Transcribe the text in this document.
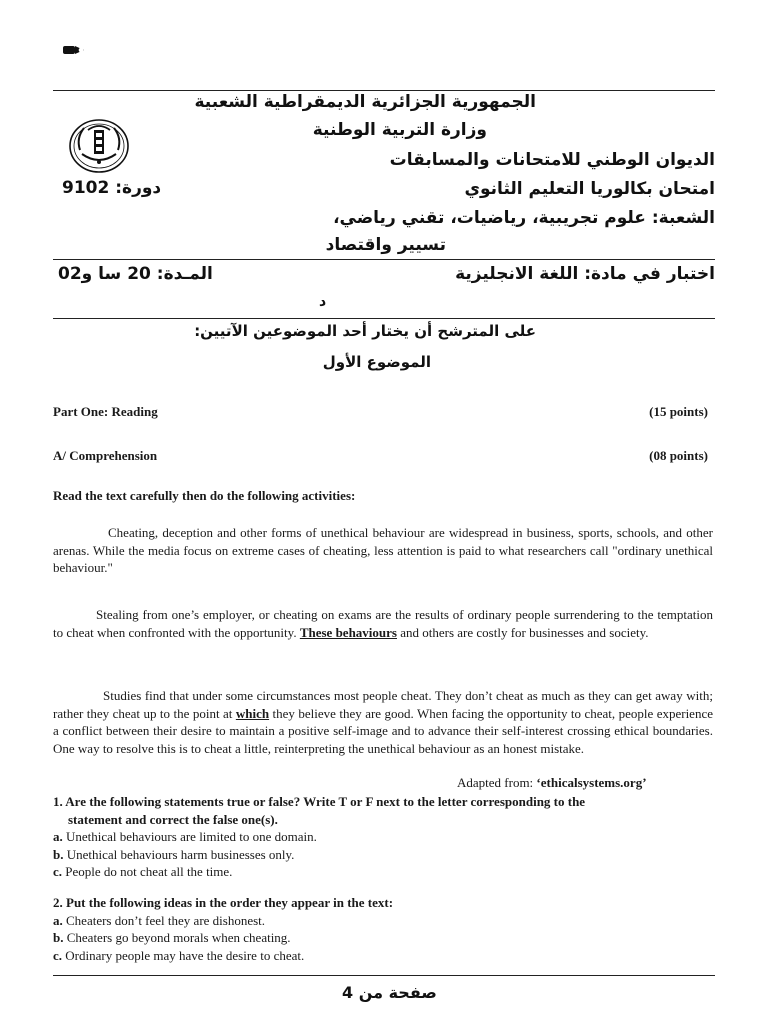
الجمهورية الجزائرية الديمقراطية الشعبية
وزارة التربية الوطنية
الديوان الوطني للامتحانات والمسابقات
امتحان بكالوريا التعليم الثانوي
دورة: 9102
الشعبة: علوم تجريبية، رياضيات، تقني رياضي،
تسيير واقتصاد
اختبار في مادة: اللغة الانجليزية
المـدة: 20 سا و02
د
على المترشح أن يختار أحد الموضوعين الآتيين:
الموضوع الأول
Part One: Reading	(15 points)
A/ Comprehension	(08 points)
Read the text carefully then do the following activities:
Cheating, deception and other forms of unethical behaviour are widespread in business, sports, schools, and other arenas. While the media focus on extreme cases of cheating, less attention is paid to what researchers call "ordinary unethical behaviour."
Stealing from one’s employer, or cheating on exams are the results of ordinary people surrendering to the temptation to cheat when confronted with the opportunity. These behaviours and others are costly for businesses and society.
Studies find that under some circumstances most people cheat. They don’t cheat as much as they can get away with; rather they cheat up to the point at which they believe they are good. When facing the opportunity to cheat, people experience a conflict between their desire to maintain a positive self-image and to advance their self-interest crossing ethical boundaries. One way to resolve this is to cheat a little, reinterpreting the unethical behaviour as an honest mistake.
Adapted from: ‘ethicalsystems.org’
1. Are the following statements true or false? Write T or F next to the letter corresponding to the
statement and correct the false one(s).
a. Unethical behaviours are limited to one domain.
b. Unethical behaviours harm businesses only.
c. People do not cheat all the time.
2. Put the following ideas in the order they appear in the text:
a. Cheaters don’t feel they are dishonest.
b. Cheaters go beyond morals when cheating.
c. Ordinary people may have the desire to cheat.
صفحة من 4
